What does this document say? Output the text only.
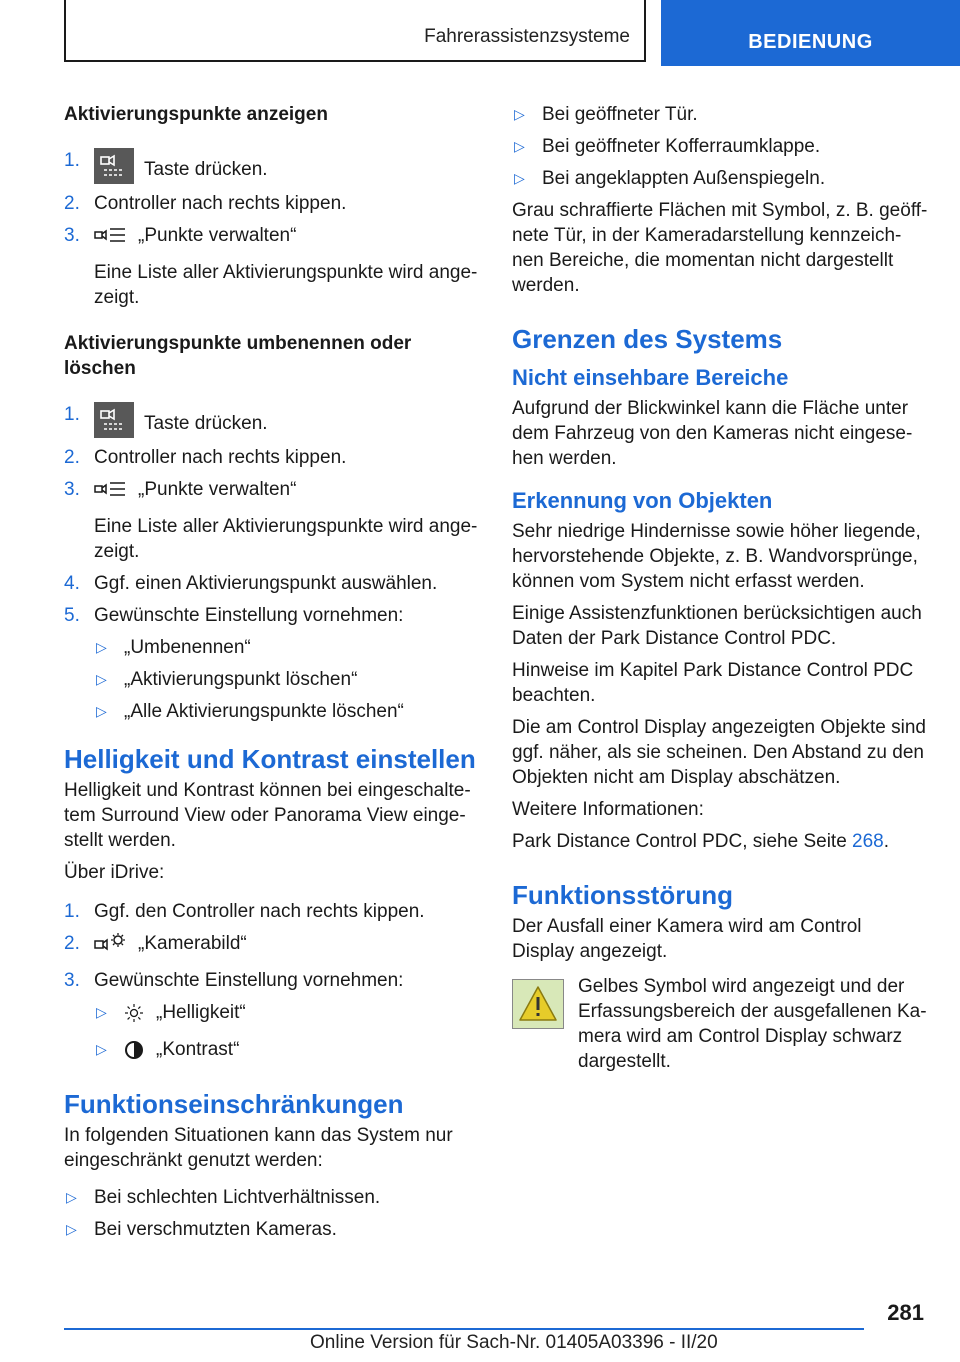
Fahrerassistenzsysteme	BEDIENUNG
Aktivierungspunkte anzeigen
1.	Taste drücken.
2. Controller nach rechts kippen.
3.	„Punkte verwalten“
Eine Liste aller Aktivierungspunkte wird ange‐ zeigt.
Aktivierungspunkte umbenennen oder löschen
1.	Taste drücken.
2. Controller nach rechts kippen.
3.	„Punkte verwalten“
Eine Liste aller Aktivierungspunkte wird ange‐ zeigt.
4. Ggf. einen Aktivierungspunkt auswählen.
5. Gewünschte Einstellung vornehmen:
▷ „Umbenennen“
▷ „Aktivierungspunkt löschen“
▷ „Alle Aktivierungspunkte löschen“
Helligkeit und Kontrast einstellen
Helligkeit und Kontrast können bei eingeschalte‐ tem Surround View oder Panorama View einge‐ stellt werden.
Über iDrive:
1. Ggf. den Controller nach rechts kippen.
2.	„Kamerabild“
3. Gewünschte Einstellung vornehmen:
▷	„Helligkeit“
▷	„Kontrast“
Funktionseinschränkungen
In folgenden Situationen kann das System nur eingeschränkt genutzt werden:
▷ Bei schlechten Lichtverhältnissen.
▷ Bei verschmutzten Kameras.
▷ Bei geöffneter Tür.
▷ Bei geöffneter Kofferraumklappe.
▷ Bei angeklappten Außenspiegeln.
Grau schraffierte Flächen mit Symbol, z. B. geöff‐ nete Tür, in der Kameradarstellung kennzeich‐ nen Bereiche, die momentan nicht dargestellt werden.
Grenzen des Systems
Nicht einsehbare Bereiche
Aufgrund der Blickwinkel kann die Fläche unter dem Fahrzeug von den Kameras nicht eingese‐ hen werden.
Erkennung von Objekten
Sehr niedrige Hindernisse sowie höher liegende, hervorstehende Objekte, z. B. Wandvorsprünge, können vom System nicht erfasst werden.
Einige Assistenzfunktionen berücksichtigen auch Daten der Park Distance Control PDC.
Hinweise im Kapitel Park Distance Control PDC beachten.
Die am Control Display angezeigten Objekte sind ggf. näher, als sie scheinen. Den Abstand zu den Objekten nicht am Display abschätzen.
Weitere Informationen:
Park Distance Control PDC, siehe Seite 268.
Funktionsstörung
Der Ausfall einer Kamera wird am Control Display angezeigt.
Gelbes Symbol wird angezeigt und der Erfassungsbereich der ausgefallenen Ka‐ mera wird am Control Display schwarz dargestellt.
281
Online Version für Sach-Nr. 01405A03396 - II/20
